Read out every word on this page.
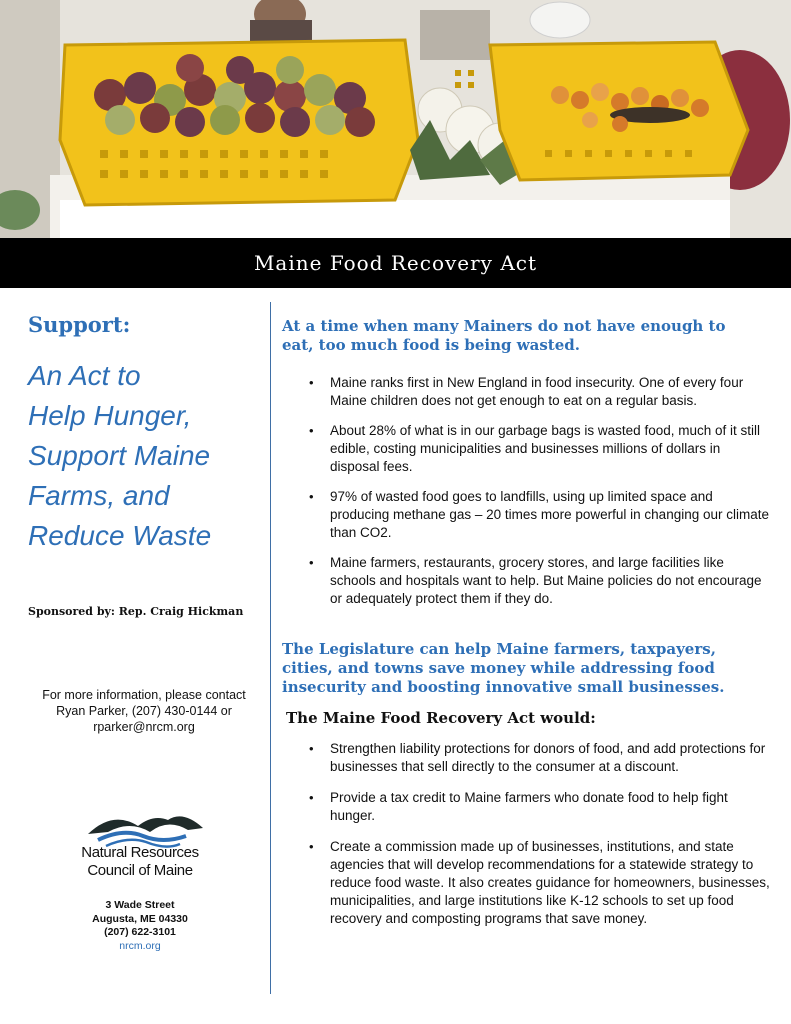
Maine Food Recovery Act
Support:
An Act to
Help Hunger,
Support Maine
Farms, and
Reduce Waste
Sponsored by: Rep. Craig Hickman
For more information, please contact
Ryan Parker, (207) 430-0144 or
rparker@nrcm.org
Natural Resources
Council of Maine
3 Wade Street
Augusta, ME 04330
(207) 622-3101
nrcm.org

At a time when many Mainers do not have enough to eat, too much food is being wasted.

• Maine ranks first in New England in food insecurity. One of every four Maine children does not get enough to eat on a regular basis.
• About 28% of what is in our garbage bags is wasted food, much of it still edible, costing municipalities and businesses millions of dollars in disposal fees.
• 97% of wasted food goes to landfills, using up limited space and producing methane gas – 20 times more powerful in changing our climate than CO2.
• Maine farmers, restaurants, grocery stores, and large facilities like schools and hospitals want to help. But Maine policies do not encourage or adequately protect them if they do.

The Legislature can help Maine farmers, taxpayers, cities, and towns save money while addressing food insecurity and boosting innovative small businesses.

The Maine Food Recovery Act would:

• Strengthen liability protections for donors of food, and add protections for businesses that sell directly to the consumer at a discount.
• Provide a tax credit to Maine farmers who donate food to help fight hunger.
• Create a commission made up of businesses, institutions, and state agencies that will develop recommendations for a statewide strategy to reduce food waste. It also creates guidance for homeowners, businesses, municipalities, and large institutions like K-12 schools to set up food recovery and composting programs that save money.
